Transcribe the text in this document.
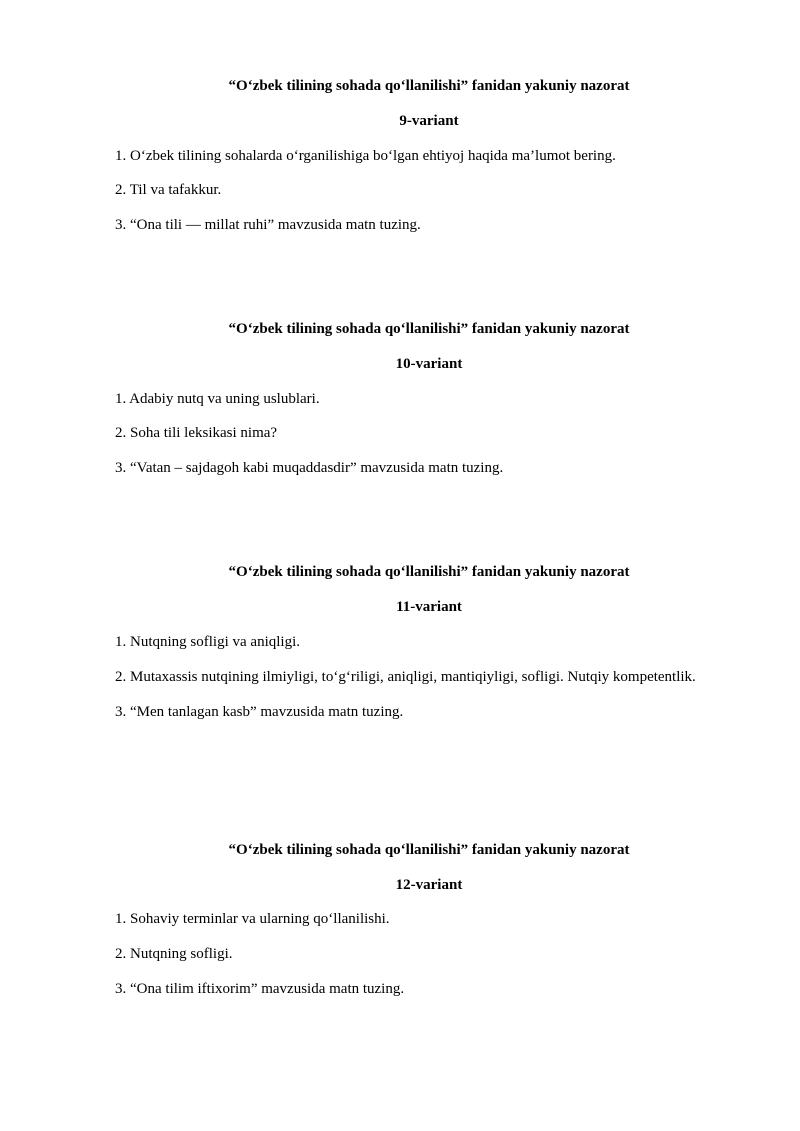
“O‘zbek tilining sohada qo‘llanilishi” fanidan yakuniy nazorat
9-variant
1. O‘zbek tilining sohalarda o‘rganilishiga bo‘lgan ehtiyoj haqida ma’lumot bering.
2. Til va tafakkur.
3. “Ona tili — millat ruhi” mavzusida matn tuzing.
“O‘zbek tilining sohada qo‘llanilishi” fanidan yakuniy nazorat
10-variant
1. Adabiy nutq va uning uslublari.
2. Soha tili leksikasi nima?
3. “Vatan – sajdagoh kabi muqaddasdir” mavzusida matn tuzing.
“O‘zbek tilining sohada qo‘llanilishi” fanidan yakuniy nazorat
11-variant
1. Nutqning sofligi va aniqligi.
2. Mutaxassis nutqining ilmiyligi, to‘g‘riligi, aniqligi, mantiqiyligi, sofligi. Nutqiy kompetentlik.
3. “Men tanlagan kasb” mavzusida matn tuzing.
“O‘zbek tilining sohada qo‘llanilishi” fanidan yakuniy nazorat
12-variant
1. Sohaviy terminlar va ularning qo‘llanilishi.
2. Nutqning sofligi.
3. “Ona tilim iftixorim” mavzusida matn tuzing.
